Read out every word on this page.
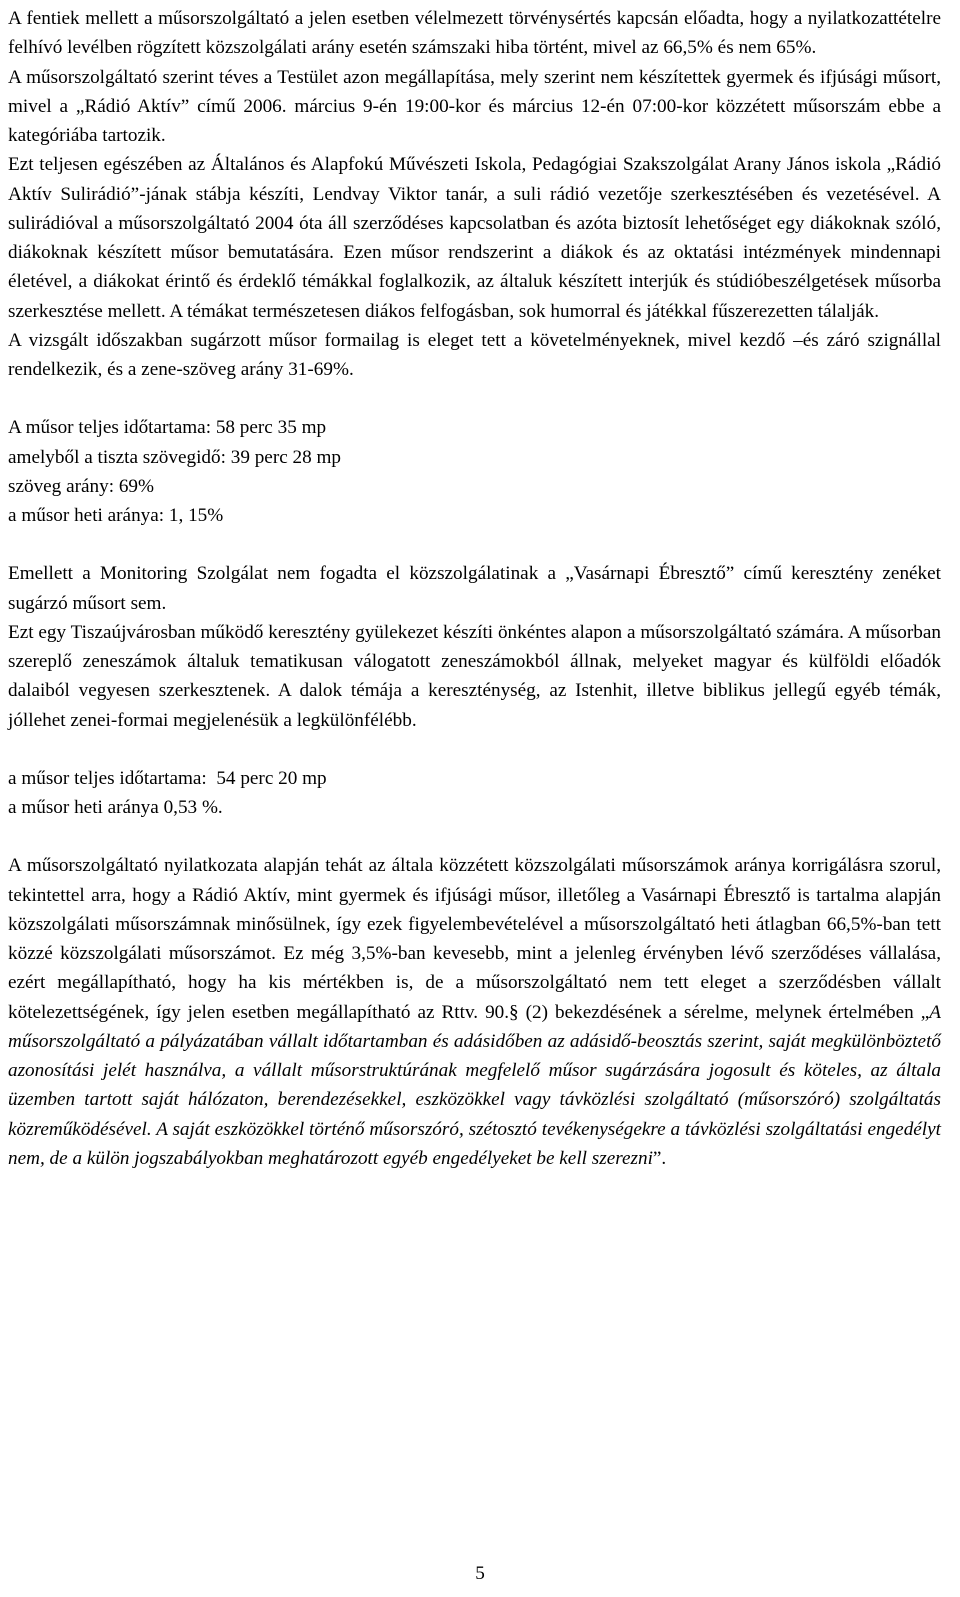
A fentiek mellett a műsorszolgáltató a jelen esetben vélelmezett törvénysértés kapcsán előadta, hogy a nyilatkozattételre felhívó levélben rögzített közszolgálati arány esetén számszaki hiba történt, mivel az 66,5% és nem 65%.

A műsorszolgáltató szerint téves a Testület azon megállapítása, mely szerint nem készítettek gyermek és ifjúsági műsort, mivel a „Rádió Aktív” című 2006. március 9-én 19:00-kor és március 12-én 07:00-kor közzétett műsorszám ebbe a kategóriába tartozik.

Ezt teljesen egészében az Általános és Alapfokú Művészeti Iskola, Pedagógiai Szakszolgálat Arany János iskola „Rádió Aktív Sulirádió”-jának stábja készíti, Lendvay Viktor tanár, a suli rádió vezetője szerkesztésében és vezetésével. A sulirádióval a műsorszolgáltató 2004 óta áll szerződéses kapcsolatban és azóta biztosít lehetőséget egy diákoknak szóló, diákoknak készített műsor bemutatására. Ezen műsor rendszerint a diákok és az oktatási intézmények mindennapi életével, a diákokat érintő és érdeklő témákkal foglalkozik, az általuk készített interjúk és stúdióbeszélgetések műsorba szerkesztése mellett. A témákat természetesen diákos felfogásban, sok humorral és játékkal fűszerezetten tálalják.

A vizsgált időszakban sugárzott műsor formailag is eleget tett a követelményeknek, mivel kezdő –és záró szignállal rendelkezik, és a zene-szöveg arány 31-69%.

A műsor teljes időtartama: 58 perc 35 mp

amelyből a tiszta szövegidő: 39 perc 28 mp

szöveg arány: 69%

a műsor heti aránya: 1, 15%

Emellett a Monitoring Szolgálat nem fogadta el közszolgálatinak a „Vasárnapi Ébresztő” című keresztény zenéket sugárzó műsort sem.

Ezt egy Tiszaújvárosban működő keresztény gyülekezet készíti önkéntes alapon a műsorszolgáltató számára. A műsorban szereplő zeneszámok általuk tematikusan válogatott zeneszámokból állnak, melyeket magyar és külföldi előadók dalaiból vegyesen szerkesztenek. A dalok témája a kereszténység, az Istenhit, illetve biblikus jellegű egyéb témák, jóllehet zenei-formai megjelenésük a legkülönfélébb.

a műsor teljes időtartama:  54 perc 20 mp

a műsor heti aránya 0,53 %.

A műsorszolgáltató nyilatkozata alapján tehát az általa közzétett közszolgálati műsorszámok aránya korrigálásra szorul, tekintettel arra, hogy a Rádió Aktív, mint gyermek és ifjúsági műsor, illetőleg a Vasárnapi Ébresztő is tartalma alapján közszolgálati műsorszámnak minősülnek, így ezek figyelembevételével a műsorszolgáltató heti átlagban 66,5%-ban tett közzé közszolgálati műsorszámot. Ez még 3,5%-ban kevesebb, mint a jelenleg érvényben lévő szerződéses vállalása, ezért megállapítható, hogy ha kis mértékben is, de a műsorszolgáltató nem tett eleget a szerződésben vállalt kötelezettségének, így jelen esetben megállapítható az Rttv. 90.§ (2) bekezdésének a sérelme, melynek értelmében „A műsorszolgáltató a pályázatában vállalt időtartamban és adásidőben az adásidő-beosztás szerint, saját megkülönböztető azonosítási jelét használva, a vállalt műsorstruktúrának megfelelő műsor sugárzására jogosult és köteles, az általa üzemben tartott saját hálózaton, berendezésekkel, eszközökkel vagy távközlési szolgáltató (műsorszóró) szolgáltatás közreműködésével. A saját eszközökkel történő műsorszóró, szétosztó tevékenységekre a távközlési szolgáltatási engedélyt nem, de a külön jogszabályokban meghatározott egyéb engedélyeket be kell szerezni”.

5
